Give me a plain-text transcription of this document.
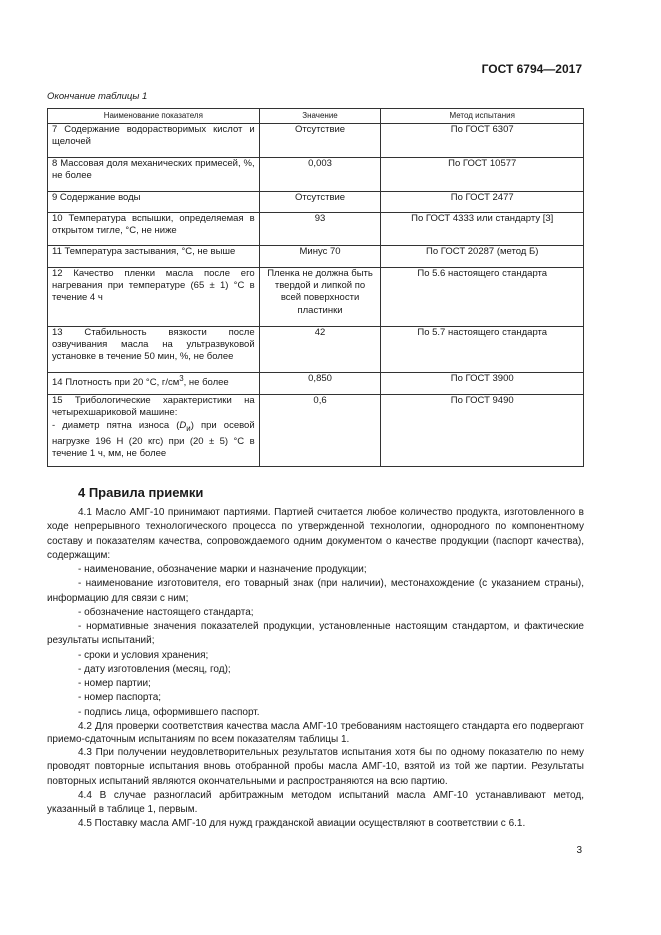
ГОСТ 6794—2017
Окончание таблицы 1
Наименование показателя	Значение	Метод испытания
7 Содержание водорастворимых кислот и щелочей	Отсутствие	По ГОСТ 6307
8 Массовая доля механических примесей, %, не более	0,003	По ГОСТ 10577
9 Содержание воды	Отсутствие	По ГОСТ 2477
10 Температура вспышки, определяемая в открытом тигле, °С, не ниже	93	По ГОСТ 4333 или стандарту [3]
11 Температура застывания, °С, не выше	Минус 70	По ГОСТ 20287 (метод Б)
12 Качество пленки масла после его нагревания при температуре (65 ± 1) °С в течение 4 ч	Пленка не должна быть твердой и липкой по всей поверхности пластинки	По 5.6 настоящего стандарта
13 Стабильность вязкости после озвучивания масла на ультразвуковой установке в течение 50 мин, %, не более	42	По 5.7 настоящего стандарта
14 Плотность при 20 °С, $г/см^3$, не более	0,850	По ГОСТ 3900

15 Трибологические характеристики на четырехшариковой машине:
- диаметр пятна износа $(D_и)$ при осевой нагрузке 196 Н (20 кгс) при (20 ± 5) °С в течение 1 ч, мм, не более	0,6	По ГОСТ 9490
4 Правила приемки

4.1 Масло АМГ-10 принимают партиями. Партией считается любое количество продукта, изготовленного в ходе непрерывного технологического процесса по утвержденной технологии, однородного по компонентному составу и показателям качества, сопровождаемого одним документом о качестве продукции (паспорт качества), содержащим:

- наименование, обозначение марки и назначение продукции;

- наименование изготовителя, его товарный знак (при наличии), местонахождение (с указанием страны), информацию для связи с ним;

- обозначение настоящего стандарта;

- нормативные значения показателей продукции, установленные настоящим стандартом, и фактические результаты испытаний;

- сроки и условия хранения;

- дату изготовления (месяц, год);

- номер партии;

- номер паспорта;

- подпись лица, оформившего паспорт.

4.2 Для проверки соответствия качества масла АМГ-10 требованиям настоящего стандарта его подвергают приемо-сдаточным испытаниям по всем показателям таблицы 1.

4.3 При получении неудовлетворительных результатов испытания хотя бы по одному показателю по нему проводят повторные испытания вновь отобранной пробы масла АМГ-10, взятой из той же партии. Результаты повторных испытаний являются окончательными и распространяются на всю партию.

4.4 В случае разногласий арбитражным методом испытаний масла АМГ-10 устанавливают метод, указанный в таблице 1, первым.

4.5 Поставку масла АМГ-10 для нужд гражданской авиации осуществляют в соответствии с 6.1.

3
